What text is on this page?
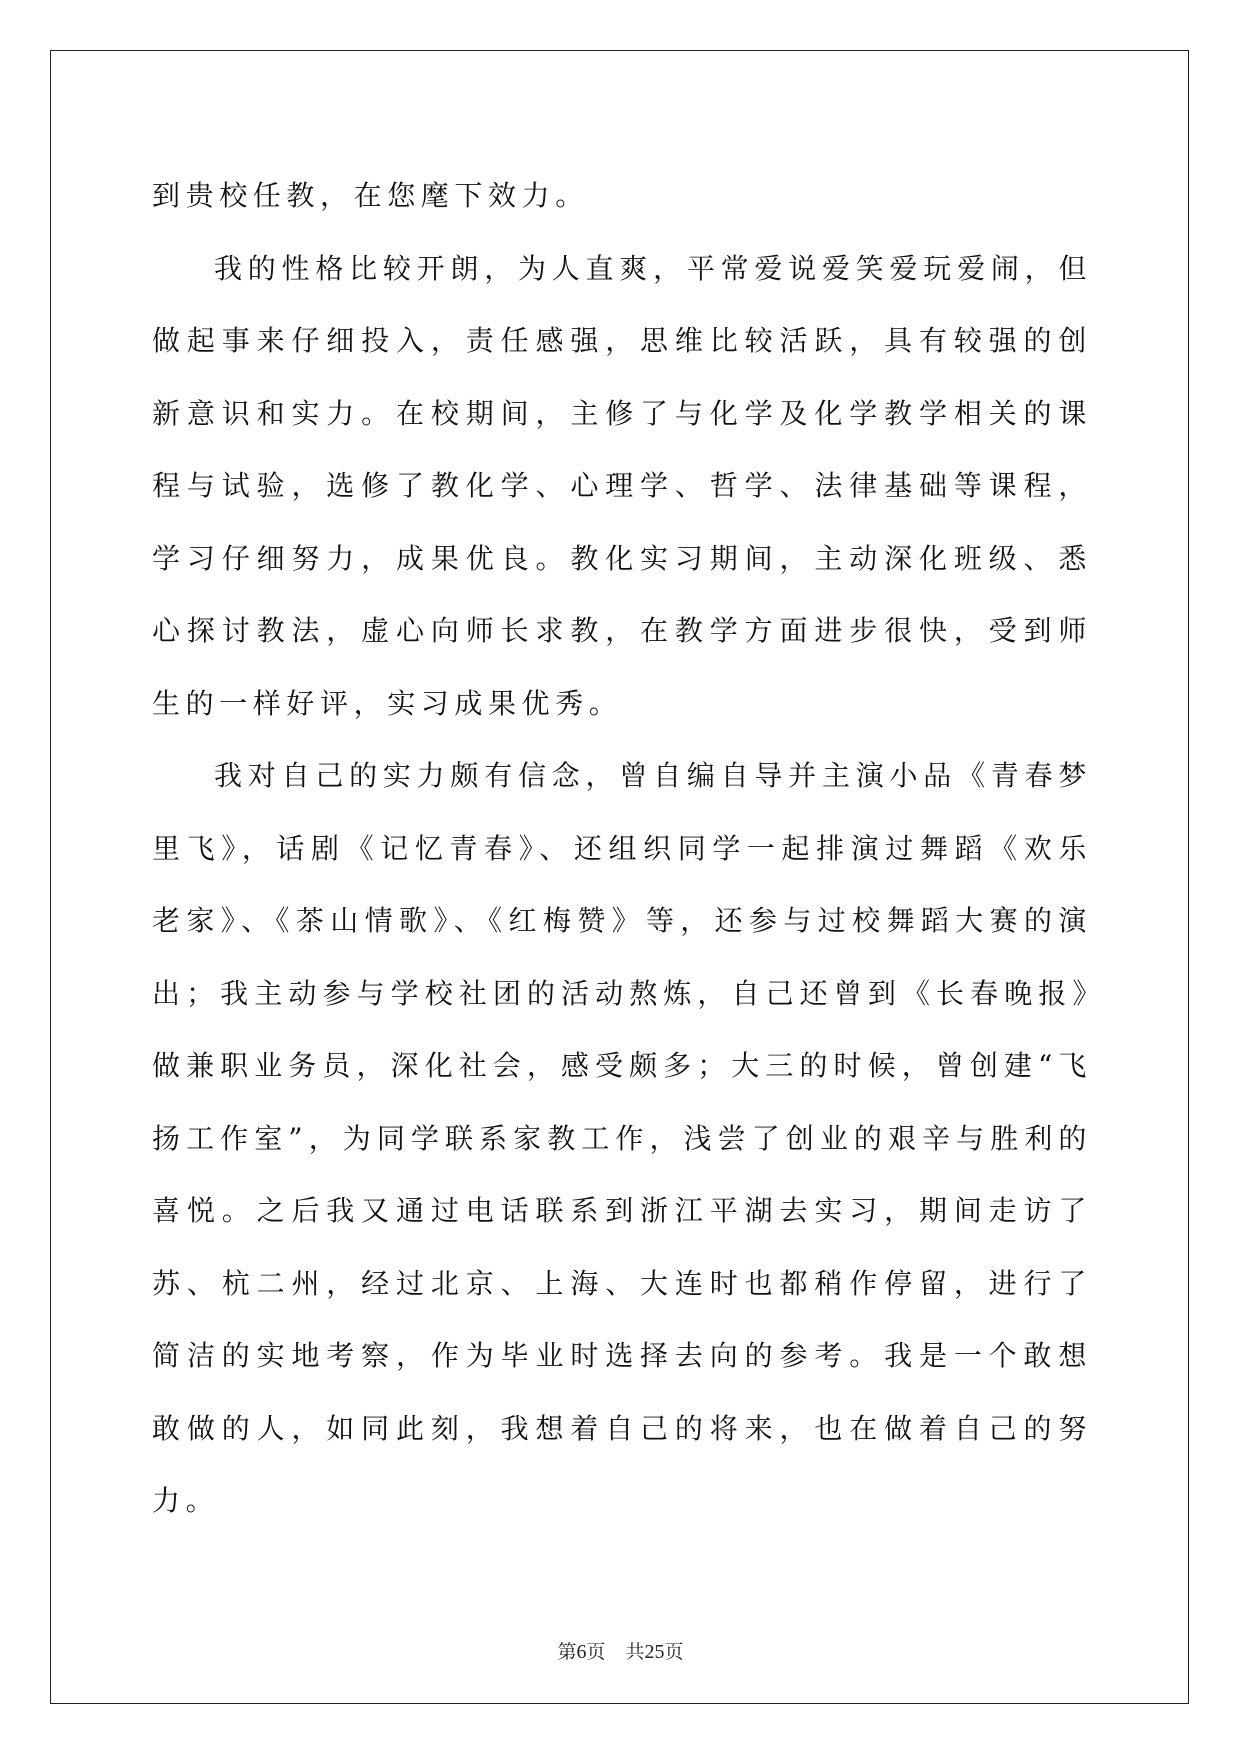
到贵校任教，在您麾下效力。

我的性格比较开朗，为人直爽，平常爱说爱笑爱玩爱闹，但做起事来仔细投入，责任感强，思维比较活跃，具有较强的创新意识和实力。在校期间，主修了与化学及化学教学相关的课程与试验，选修了教化学、心理学、哲学、法律基础等课程，学习仔细努力，成果优良。教化实习期间，主动深化班级、悉心探讨教法，虚心向师长求教，在教学方面进步很快，受到师生的一样好评，实习成果优秀。

我对自己的实力颇有信念，曾自编自导并主演小品《青春梦里飞》，话剧《记忆青春》、还组织同学一起排演过舞蹈《欢乐老家》、《茶山情歌》、《红梅赞》等，还参与过校舞蹈大赛的演出；我主动参与学校社团的活动熬炼，自己还曾到《长春晚报》做兼职业务员，深化社会，感受颇多；大三的时候，曾创建“飞扬工作室”，为同学联系家教工作，浅尝了创业的艰辛与胜利的喜悦。之后我又通过电话联系到浙江平湖去实习，期间走访了苏、杭二州，经过北京、上海、大连时也都稍作停留，进行了简洁的实地考察，作为毕业时选择去向的参考。我是一个敢想敢做的人，如同此刻，我想着自己的将来，也在做着自己的努力。

第6页 共25页
